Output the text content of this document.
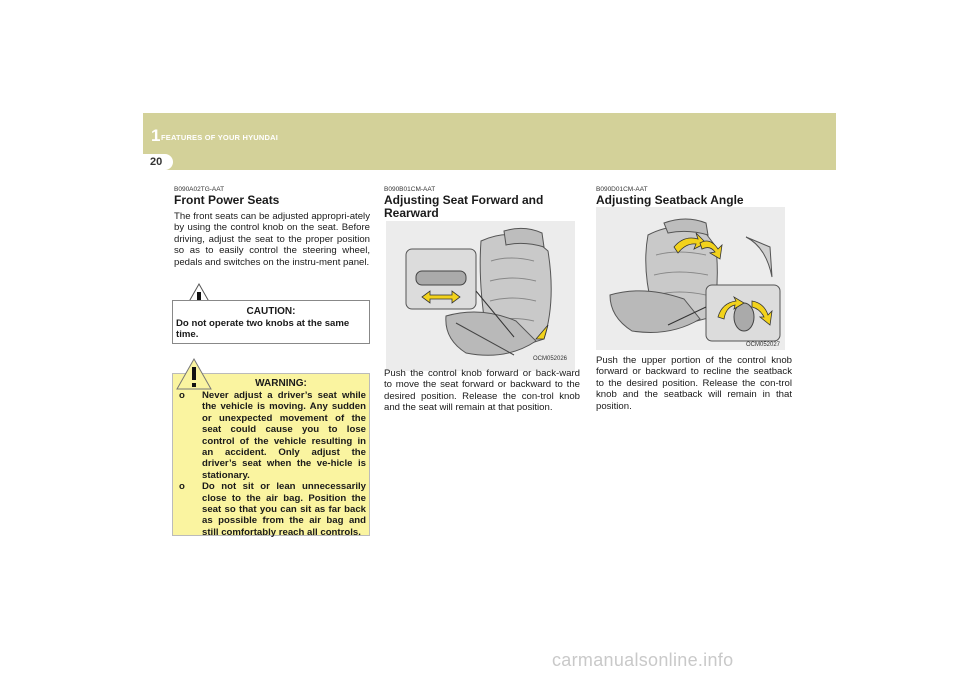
1 FEATURES OF YOUR HYUNDAI
20
B090A02TG-AAT
Front Power Seats
The front seats can be adjusted appropri-ately by using the control knob on the seat. Before driving, adjust the seat to the proper position so as to easily control the steering wheel, pedals and switches on the instru-ment panel.
CAUTION:
Do not operate two knobs at the same time.
WARNING:
o Never adjust a driver’s seat while the vehicle is moving. Any sudden or unexpected movement of the seat could cause you to lose control of the vehicle resulting in an accident. Only adjust the driver’s seat when the ve-hicle is stationary.
o Do not sit or lean unnecessarily close to the air bag. Position the seat so that you can sit as far back as possible from the air bag and still comfortably reach all controls.
B090B01CM-AAT
Adjusting Seat Forward and Rearward
OCM052026
Push the control knob forward or back-ward to move the seat forward or backward to the desired position. Release the con-trol knob and the seat will remain at that position.
B090D01CM-AAT
Adjusting Seatback Angle
OCM052027
Push the upper portion of the control knob forward or backward to recline the seatback to the desired position. Release the con-trol knob and the seatback will remain in that position.
carmanualsonline.info
